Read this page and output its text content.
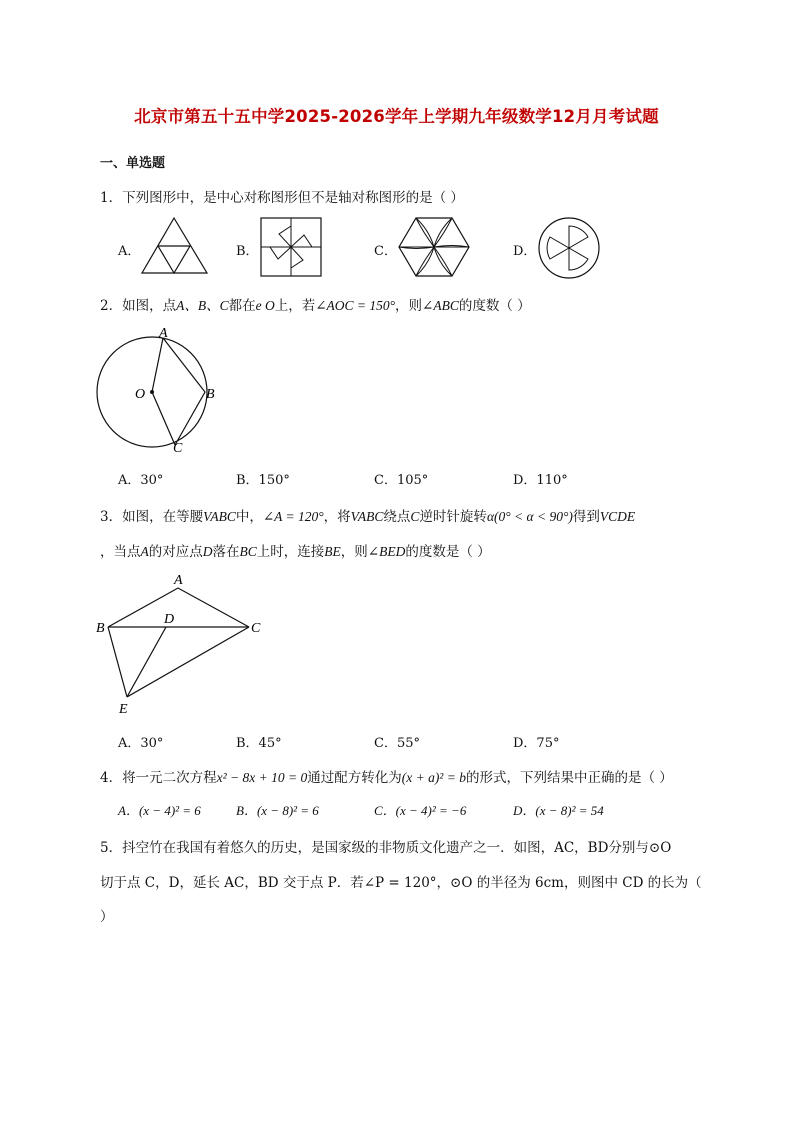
北京市第五十五中学2025-2026学年上学期九年级数学12月月考试题
一、单选题
1．下列图形中，是中心对称图形但不是轴对称图形的是（ ）
A．	B．	C．	D．
2．如图，点A、B、C都在e O上，若∠AOC = 150°，则∠ABC的度数（ ）
A
O	B
C
A．30°	B．150°	C．105°	D．110°
3．如图，在等腰VABC中，∠A = 120°，将VABC绕点C逆时针旋转α(0° < α < 90°)得到VCDE
，当点A的对应点D落在BC上时，连接BE，则∠BED的度数是（ ）
A
B
D
C
E
A．30°	B．45°	C．55°	D．75°
4．将一元二次方程x² − 8x + 10 = 0通过配方转化为(x + a)² = b的形式，下列结果中正确的是（ ）
A．(x − 4)² = 6	B．(x − 8)² = 6	C．(x − 4)² = −6	D．(x − 8)² = 54
5．抖空竹在我国有着悠久的历史，是国家级的非物质文化遗产之一．如图，AC，BD分别与⊙O
切于点 C，D，延长 AC，BD 交于点 P．若∠P = 120°，⊙O 的半径为 6cm，则图中 CD 的长为（
）
